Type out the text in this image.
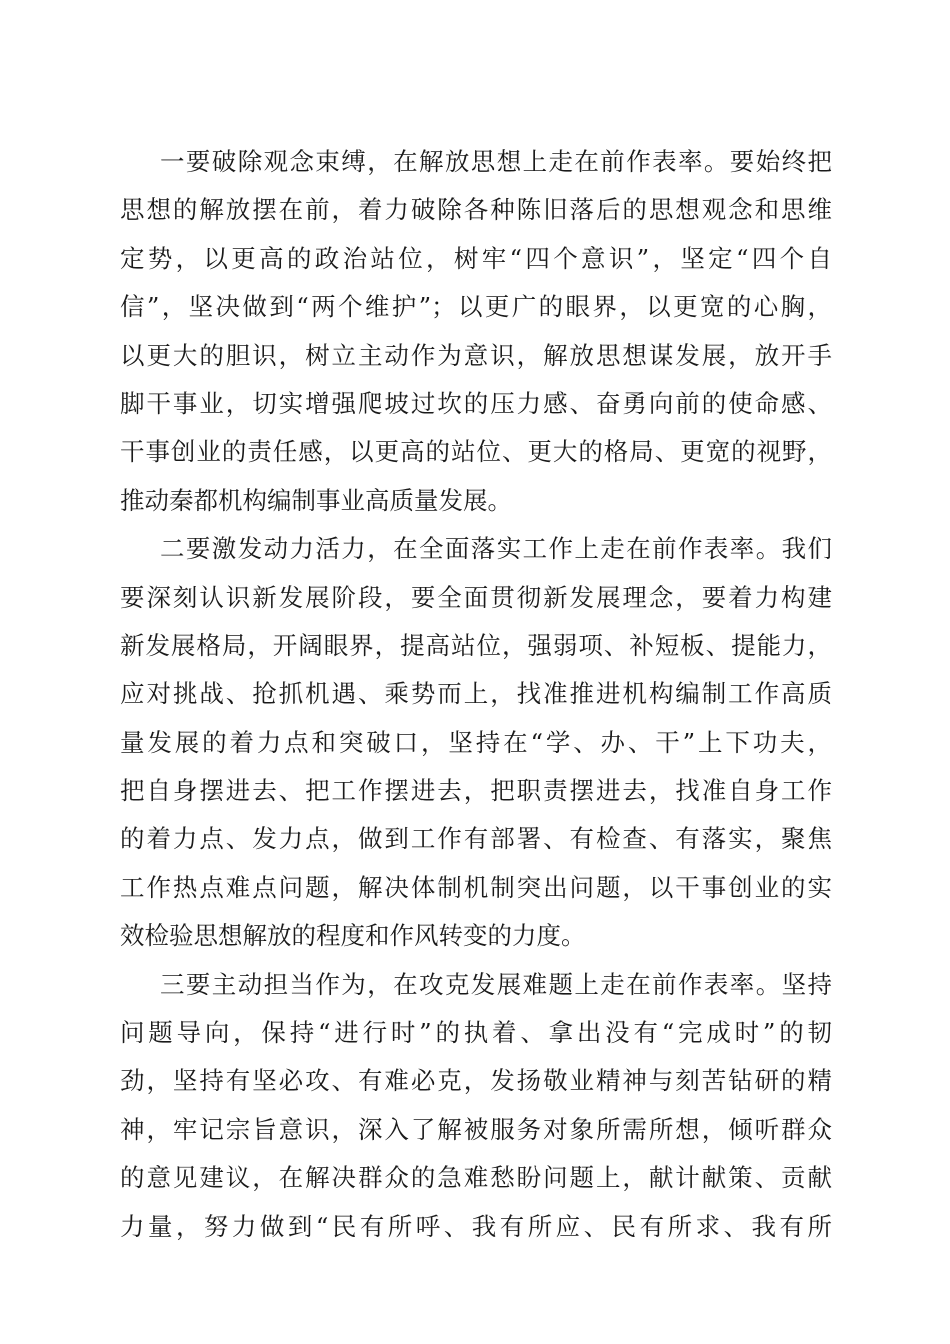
一要破除观念束缚，在解放思想上走在前作表率。要始终把
思想的解放摆在前，着力破除各种陈旧落后的思想观念和思维
定势，以更高的政治站位，树牢“四个意识”，坚定“四个自
信”，坚决做到“两个维护”；以更广的眼界，以更宽的心胸，
以更大的胆识，树立主动作为意识，解放思想谋发展，放开手
脚干事业，切实增强爬坡过坎的压力感、奋勇向前的使命感、
干事创业的责任感，以更高的站位、更大的格局、更宽的视野，
推动秦都机构编制事业高质量发展。
二要激发动力活力，在全面落实工作上走在前作表率。我们
要深刻认识新发展阶段，要全面贯彻新发展理念，要着力构建
新发展格局，开阔眼界，提高站位，强弱项、补短板、提能力，
应对挑战、抢抓机遇、乘势而上，找准推进机构编制工作高质
量发展的着力点和突破口，坚持在“学、办、干”上下功夫，
把自身摆进去、把工作摆进去，把职责摆进去，找准自身工作
的着力点、发力点，做到工作有部署、有检查、有落实，聚焦
工作热点难点问题，解决体制机制突出问题，以干事创业的实
效检验思想解放的程度和作风转变的力度。
三要主动担当作为，在攻克发展难题上走在前作表率。坚持
问题导向，保持“进行时”的执着、拿出没有“完成时”的韧
劲，坚持有坚必攻、有难必克，发扬敬业精神与刻苦钻研的精
神，牢记宗旨意识，深入了解被服务对象所需所想，倾听群众
的意见建议，在解决群众的急难愁盼问题上，献计献策、贡献
力量，努力做到“民有所呼、我有所应、民有所求、我有所
